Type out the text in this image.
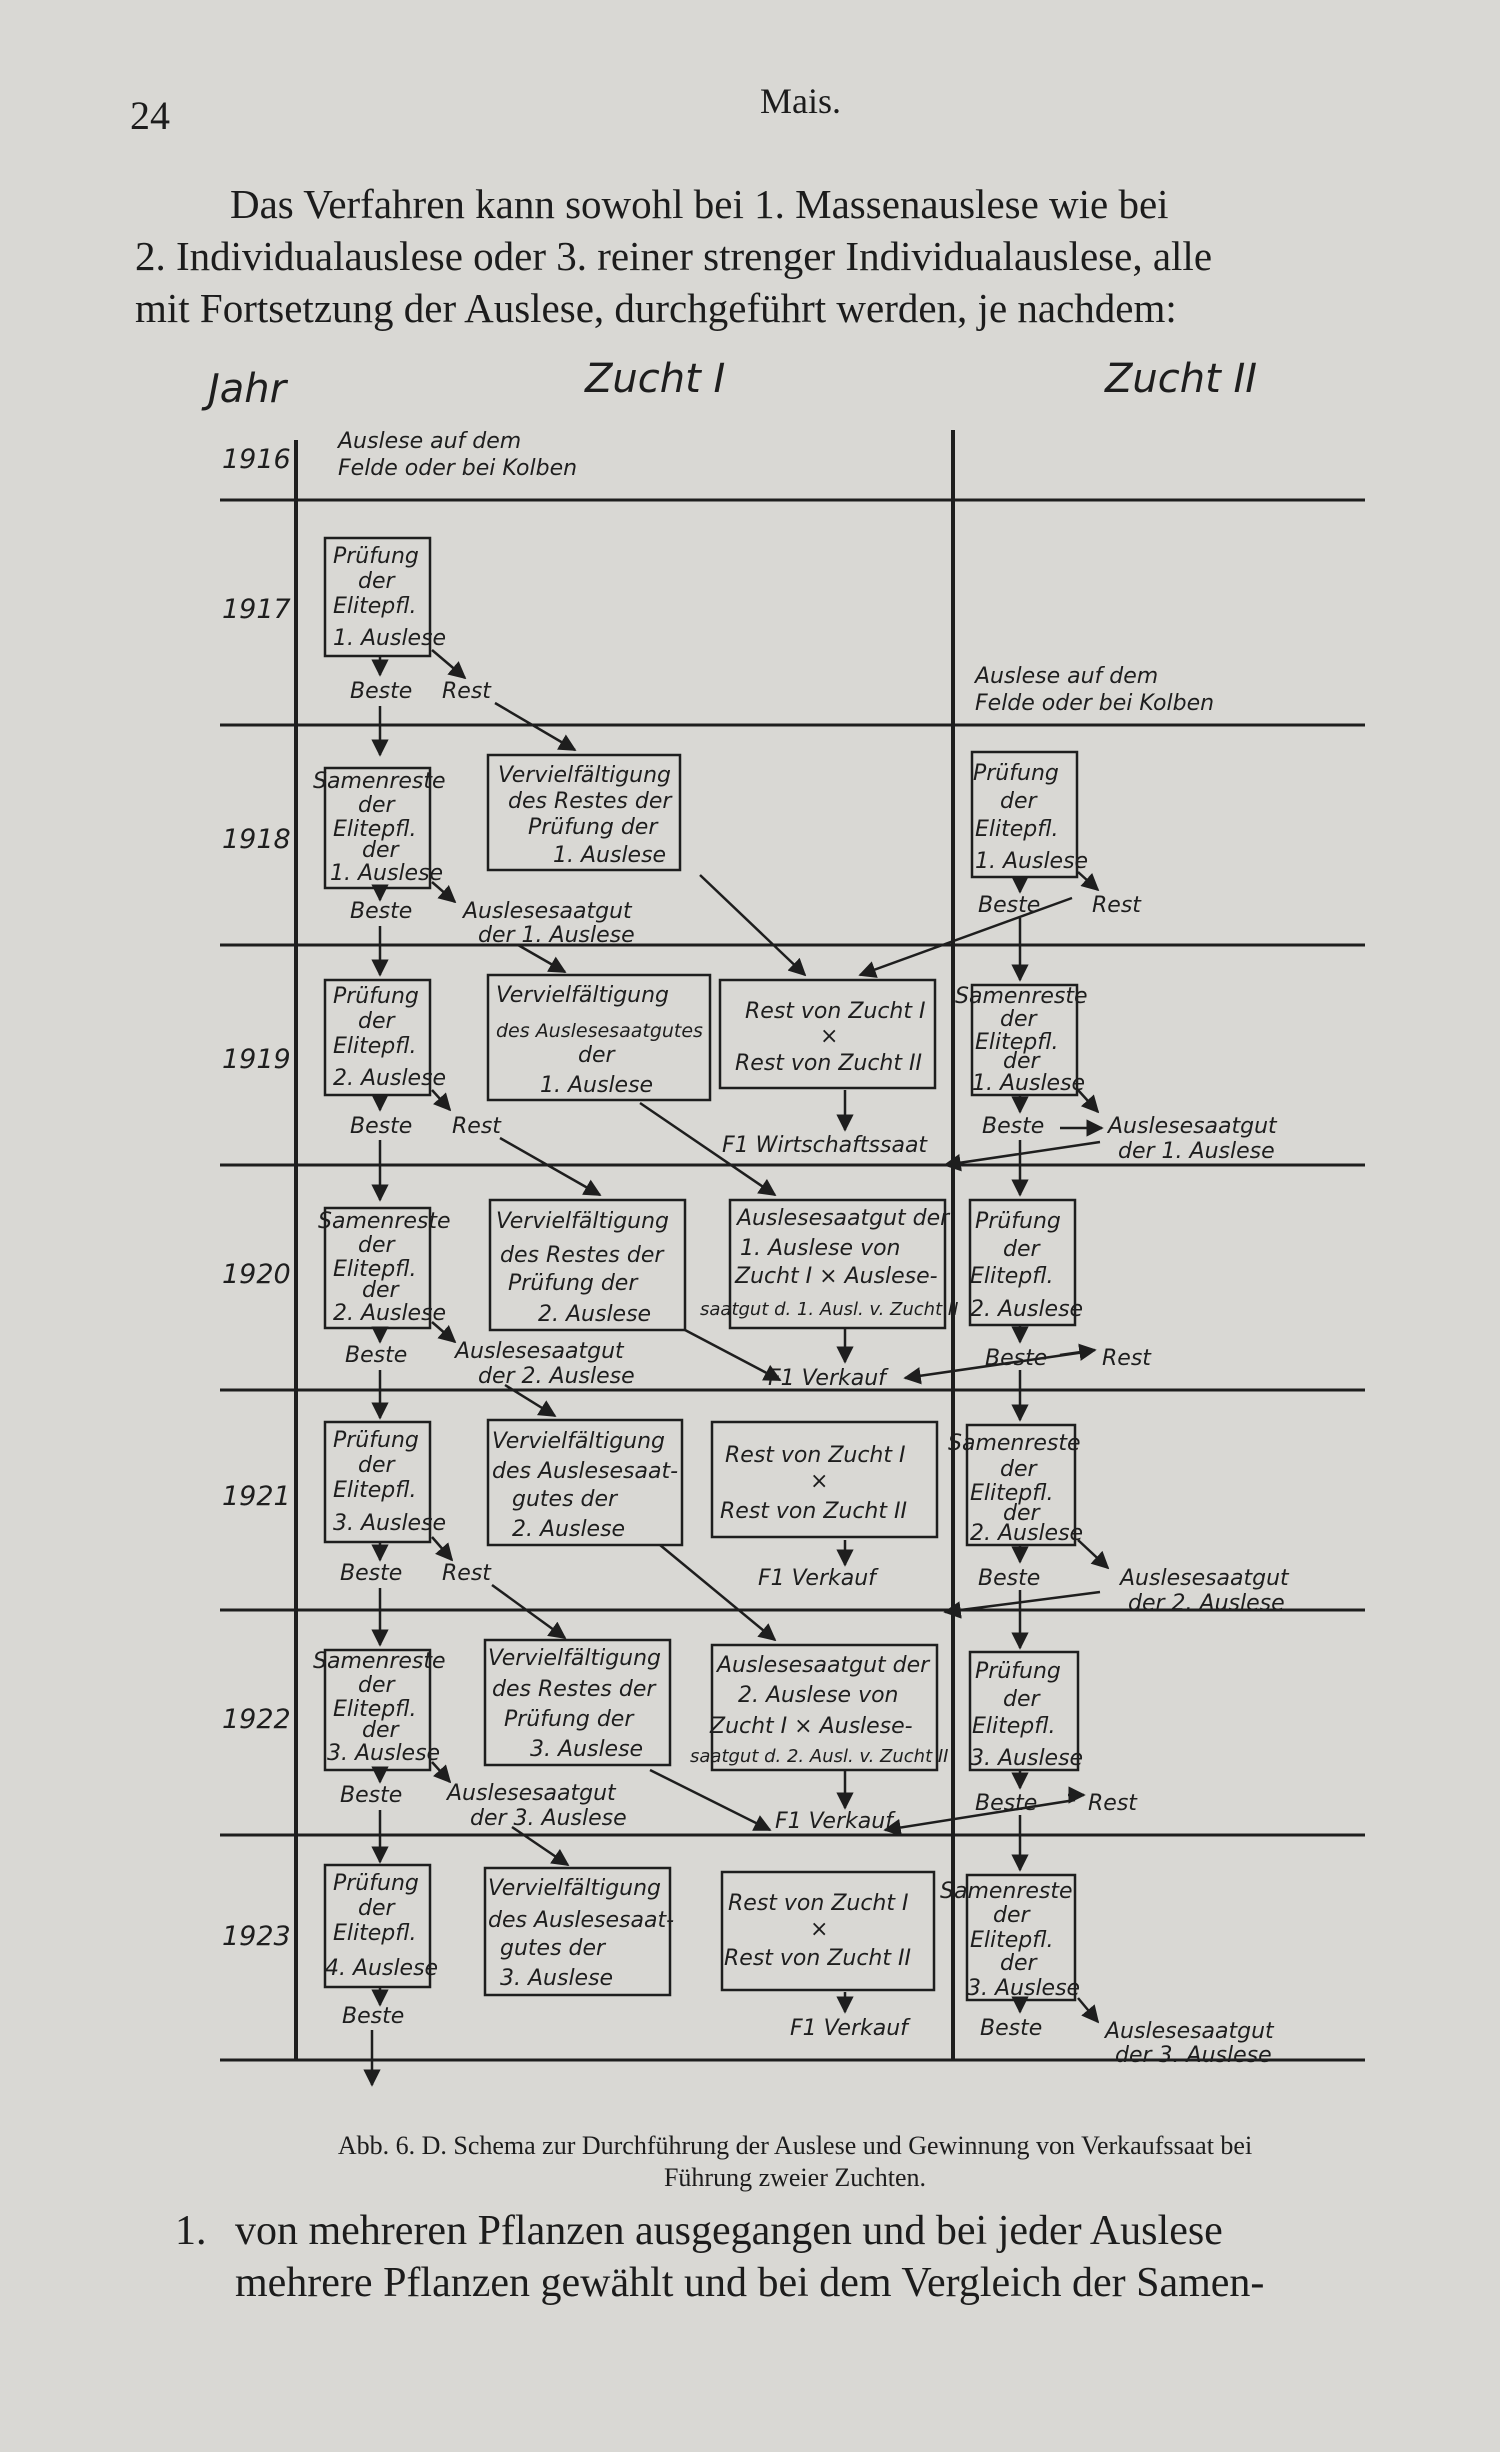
24	Mais.
Das Verfahren kann sowohl bei 1. Massenauslese wie bei
2. Individualauslese oder 3. reiner strenger Individualauslese, alle
mit Fortsetzung der Auslese, durchgeführt werden, je nachdem:
Jahr	Zucht I	Zucht II
1916
1917
1918
1919
1920
1921
1922
1923
Auslese auf dem
Felde oder bei Kolben
Auslese auf dem
Felde oder bei Kolben
Prüfung
der
Elitepfl.
1. Auslese
Samenreste
der
Elitepfl.
der
1. Auslese
Prüfung
der
Elitepfl.
2. Auslese
Samenreste
der
Elitepfl.
der
2. Auslese
Prüfung
der
Elitepfl.
3. Auslese
Samenreste
der
Elitepfl.
der
3. Auslese
Prüfung
der
Elitepfl.
4. Auslese
Beste Rest
Beste
Beste Rest
Beste
Beste Rest
Beste
Beste
Auslesesaatgut
der 1. Auslese
Auslesesaatgut
der 2. Auslese
Auslesesaatgut
der 3. Auslese
Vervielfältigung
des Restes der
Prüfung der
1. Auslese
Vervielfältigung
des Auslesesaatgutes
der
1. Auslese
Vervielfältigung
des Restes der
Prüfung der
2. Auslese
Vervielfältigung
des Auslesesaat-
gutes der
2. Auslese
Vervielfältigung
des Restes der
Prüfung der
3. Auslese
Vervielfältigung
des Auslesesaat-
gutes der
3. Auslese
Rest von Zucht I
×
Rest von Zucht II
Auslesesaatgut der
1. Auslese von
Zucht I × Auslese-
saatgut d. 1. Ausl. v. Zucht II
Rest von Zucht I
×
Rest von Zucht II
Auslesesaatgut der
2. Auslese von
Zucht I × Auslese-
saatgut d. 2. Ausl. v. Zucht II
Rest von Zucht I
×
Rest von Zucht II
F1 Wirtschaftssaat
F1 Verkauf
F1 Verkauf
F1 Verkauf
F1 Verkauf
Prüfung
der
Elitepfl.
1. Auslese
Samenreste
der
Elitepfl.
der
1. Auslese
Prüfung
der
Elitepfl.
2. Auslese
Samenreste
der
Elitepfl.
der
2. Auslese
Prüfung
der
Elitepfl.
3. Auslese
Samenreste
der
Elitepfl.
der
3. Auslese
Beste Rest
Beste
Beste Rest
Beste
Beste Rest
Beste
Auslesesaatgut
der 1. Auslese
Auslesesaatgut
der 2. Auslese
Auslesesaatgut
der 3. Auslese
Abb. 6. D. Schema zur Durchführung der Auslese und Gewinnung von Verkaufssaat bei
Führung zweier Zuchten.
1. von mehreren Pflanzen ausgegangen und bei jeder Auslese
mehrere Pflanzen gewählt und bei dem Vergleich der Samen-
